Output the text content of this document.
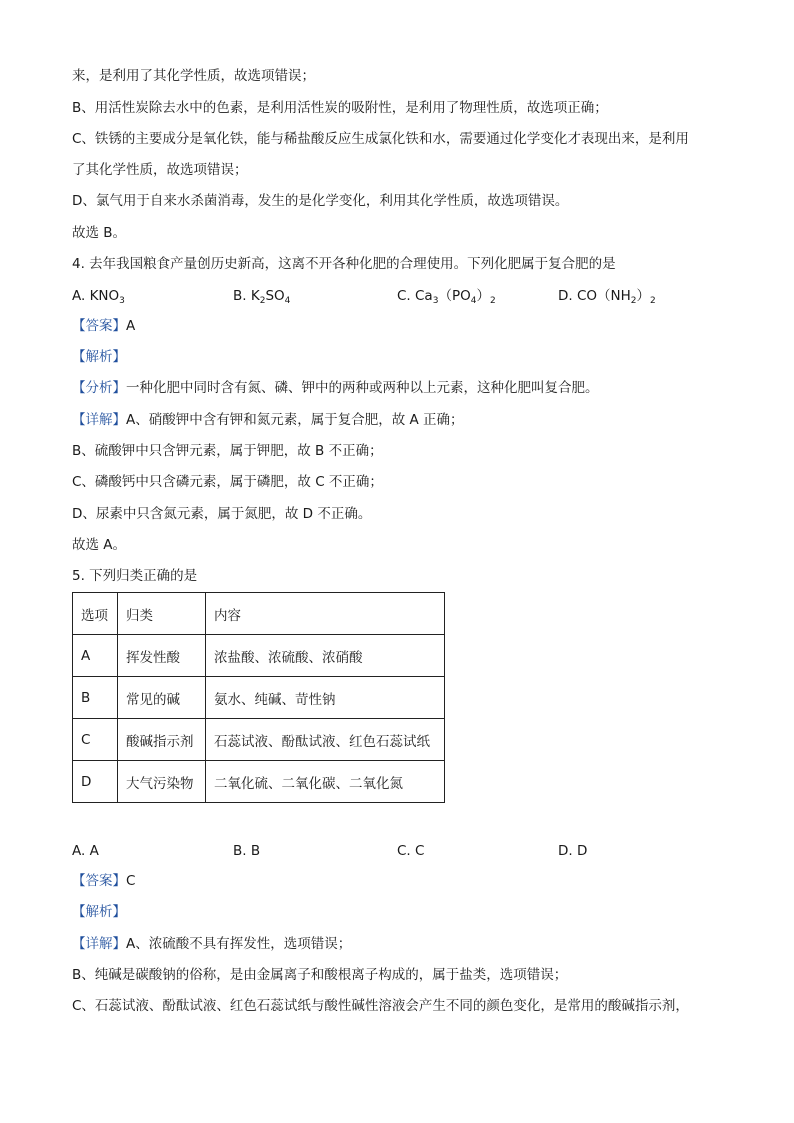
来，是利用了其化学性质，故选项错误；
B、用活性炭除去水中的色素，是利用活性炭的吸附性，是利用了物理性质，故选项正确；
C、铁锈的主要成分是氧化铁，能与稀盐酸反应生成氯化铁和水，需要通过化学变化才表现出来，是利用
了其化学性质，故选项错误；
D、氯气用于自来水杀菌消毒，发生的是化学变化，利用其化学性质，故选项错误。
故选 B。
4. 去年我国粮食产量创历史新高，这离不开各种化肥的合理使用。下列化肥属于复合肥的是
A. $KNO_3$	B. $K_2SO_4$	C. $Ca_3(PO_4)_2$	D. $CO(NH_2)_2$
【答案】A
【解析】
【分析】一种化肥中同时含有氮、磷、钾中的两种或两种以上元素，这种化肥叫复合肥。
【详解】A、硝酸钾中含有钾和氮元素，属于复合肥，故 A 正确；
B、硫酸钾中只含钾元素，属于钾肥，故 B 不正确；
C、磷酸钙中只含磷元素，属于磷肥，故 C 不正确；
D、尿素中只含氮元素，属于氮肥，故 D 不正确。
故选 A。
5. 下列归类正确的是
选项	归类	内容
A	挥发性酸	浓盐酸、浓硫酸、浓硝酸
B	常见的碱	氨水、纯碱、苛性钠
C	酸碱指示剂	石蕊试液、酚酞试液、红色石蕊试纸
D	大气污染物	二氧化硫、二氧化碳、二氧化氮
A. A	B. B	C. C	D. D
【答案】C
【解析】
【详解】A、浓硫酸不具有挥发性，选项错误；
B、纯碱是碳酸钠的俗称，是由金属离子和酸根离子构成的，属于盐类，选项错误；
C、石蕊试液、酚酞试液、红色石蕊试纸与酸性碱性溶液会产生不同的颜色变化，是常用的酸碱指示剂，
